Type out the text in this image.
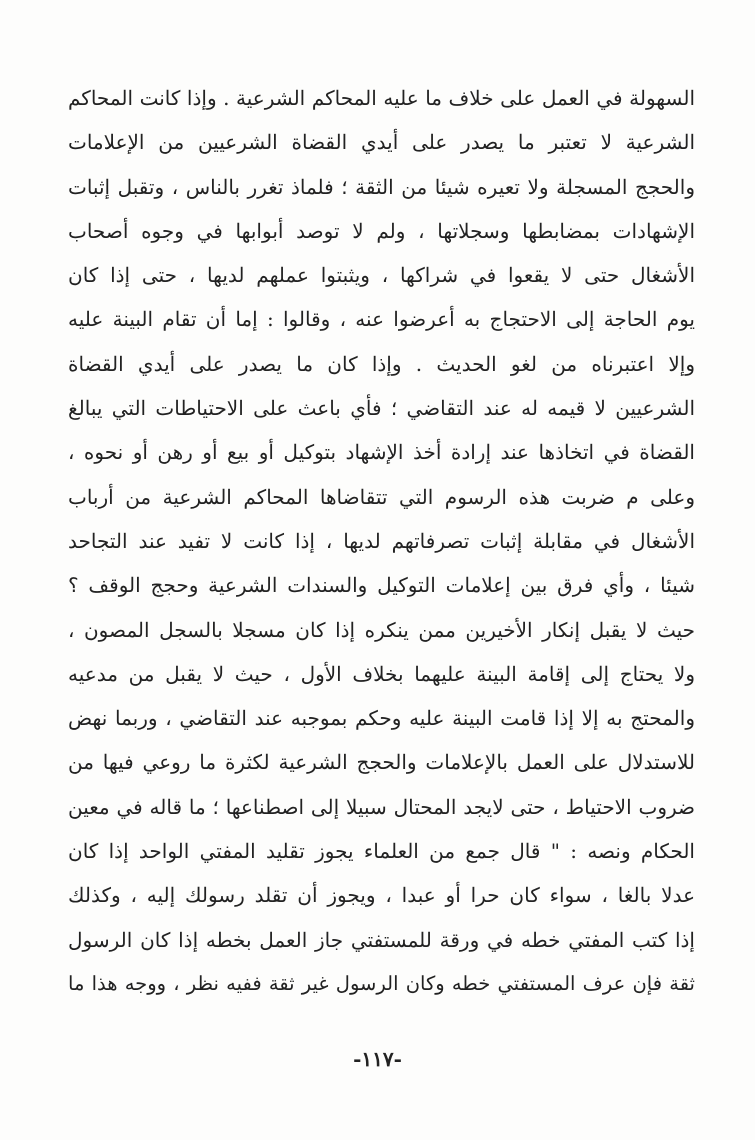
السهولة في العمل على خلاف ما عليه المحاكم الشرعية . وإذا كانت المحاكم
الشرعية لا تعتبر ما يصدر على أيدي القضاة الشرعيين من الإعلامات
والحجج المسجلة ولا تعيره شيئا من الثقة ؛ فلماذ تغرر بالناس ، وتقبل إثبات
الإشهادات بمضابطها وسجلاتها ، ولم لا توصد أبوابها في وجوه أصحاب
الأشغال حتى لا يقعوا في شراكها ، ويثبتوا عملهم لديها ، حتى إذا كان
يوم الحاجة إلى الاحتجاج به أعرضوا عنه ، وقالوا : إما أن تقام البينة عليه
وإلا اعتبرناه من لغو الحديث . وإذا كان ما يصدر على أيدي القضاة
الشرعيين لا قيمه له عند التقاضي ؛ فأي باعث على الاحتياطات التي يبالغ
القضاة في اتخاذها عند إرادة أخذ الإشهاد بتوكيل أو بيع أو رهن أو نحوه ،
وعلى م ضربت هذه الرسوم التي تتقاضاها المحاكم الشرعية من أرباب
الأشغال في مقابلة إثبات تصرفاتهم لديها ، إذا كانت لا تفيد عند التجاحد
شيئا ، وأي فرق بين إعلامات التوكيل والسندات الشرعية وحجج الوقف ؟
حيث لا يقبل إنكار الأخيرين ممن ينكره إذا كان مسجلا بالسجل المصون ،
ولا يحتاج إلى إقامة البينة عليهما بخلاف الأول ، حيث لا يقبل من مدعيه
والمحتج به إلا إذا قامت البينة عليه وحكم بموجبه عند التقاضي ، وربما نهض
للاستدلال على العمل بالإعلامات والحجج الشرعية لكثرة ما روعي فيها من
ضروب الاحتياط ، حتى لايجد المحتال سبيلا إلى اصطناعها ؛ ما قاله في معين
الحكام ونصه : " قال جمع من العلماء يجوز تقليد المفتي الواحد إذا كان
عدلا بالغا ، سواء كان حرا أو عبدا ، ويجوز أن تقلد رسولك إليه ، وكذلك
إذا كتب المفتي خطه في ورقة للمستفتي جاز العمل بخطه إذا كان الرسول
ثقة فإن عرف المستفتي خطه وكان الرسول غير ثقة ففيه نظر ، ووجه هذا ما
-١١٧-
